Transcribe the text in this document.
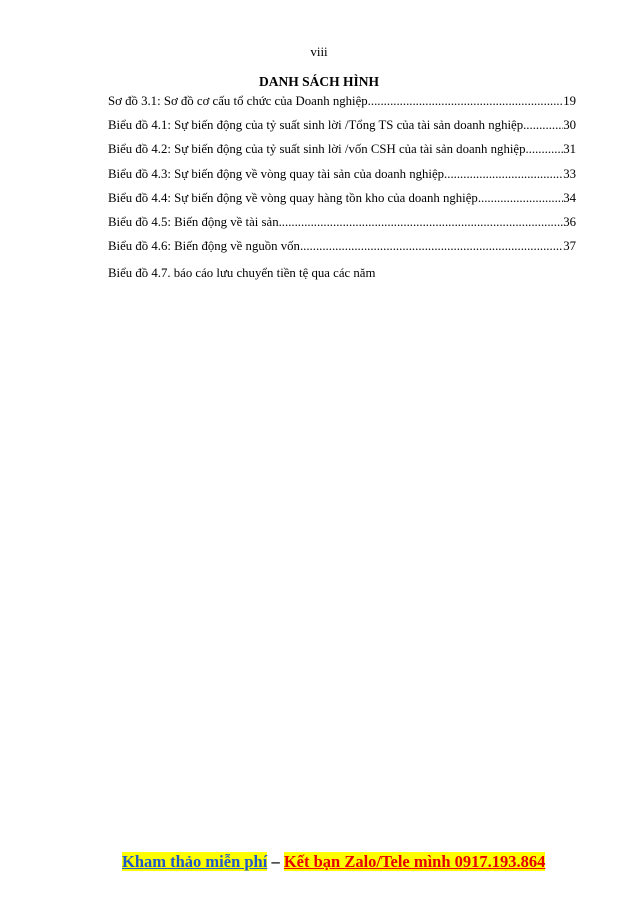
viii
DANH SÁCH HÌNH
Sơ đồ 3.1: Sơ đồ cơ cấu tổ chức của Doanh nghiệp .....	19
Biểu đồ 4.1: Sự biến động của tỷ suất sinh lời /Tổng TS của tài sản doanh nghiệp .....	30
Biểu đồ 4.2: Sự biến động của tỷ suất sinh lời /vốn CSH của tài sản doanh nghiệp .....	31
Biểu đồ 4.3: Sự biến động về vòng quay tài sản của doanh nghiệp .....	33
Biểu đồ 4.4: Sự biến động về vòng quay hàng tồn kho của doanh nghiệp .....	34
Biểu đồ 4.5: Biến động về tài sản .....	36
Biểu đồ 4.6: Biến động về nguồn vốn .....	37
Biểu đồ 4.7. báo cáo lưu chuyển tiền tệ qua các năm
Kham thảo miễn phí – Kết bạn Zalo/Tele mình 0917.193.864
